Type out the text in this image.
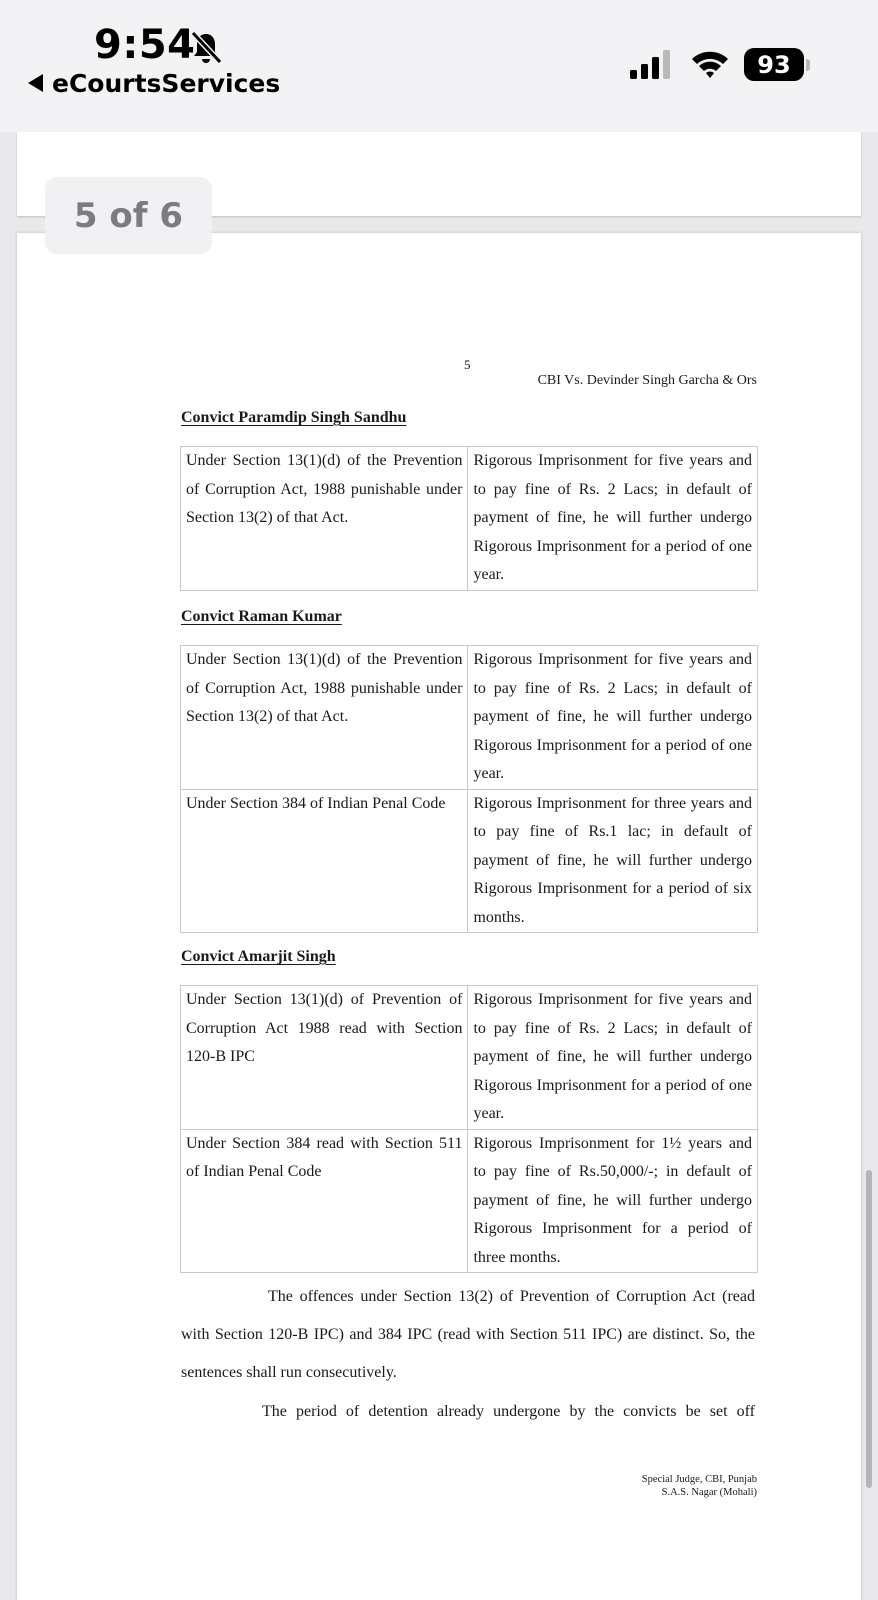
9:54
eCourtsServices
93
5 of 6
5
CBI Vs. Devinder Singh Garcha & Ors
Convict Paramdip Singh Sandhu
Under Section 13(1)(d) of the Prevention of Corruption Act, 1988 punishable under Section 13(2) of that Act.	Rigorous Imprisonment for five years and to pay fine of Rs. 2 Lacs; in default of payment of fine, he will further undergo Rigorous Imprisonment for a period of one year.
Convict Raman Kumar
Under Section 13(1)(d) of the Prevention of Corruption Act, 1988 punishable under Section 13(2) of that Act.	Rigorous Imprisonment for five years and to pay fine of Rs. 2 Lacs; in default of payment of fine, he will further undergo Rigorous Imprisonment for a period of one year.
Under Section 384 of Indian Penal Code	Rigorous Imprisonment for three years and to pay fine of Rs.1 lac; in default of payment of fine, he will further undergo Rigorous Imprisonment for a period of six months.
Convict Amarjit Singh
Under Section 13(1)(d) of Prevention of Corruption Act 1988 read with Section 120-B IPC	Rigorous Imprisonment for five years and to pay fine of Rs. 2 Lacs; in default of payment of fine, he will further undergo Rigorous Imprisonment for a period of one year.
Under Section 384 read with Section 511 of Indian Penal Code	Rigorous Imprisonment for 1½ years and to pay fine of Rs.50,000/-; in default of payment of fine, he will further undergo Rigorous Imprisonment for a period of three months.
The offences under Section 13(2) of Prevention of Corruption Act (read with Section 120-B IPC) and 384 IPC (read with Section 511 IPC) are distinct. So, the sentences shall run consecutively.
The period of detention already undergone by the convicts be set off
Special Judge, CBI, Punjab
S.A.S. Nagar (Mohali)
